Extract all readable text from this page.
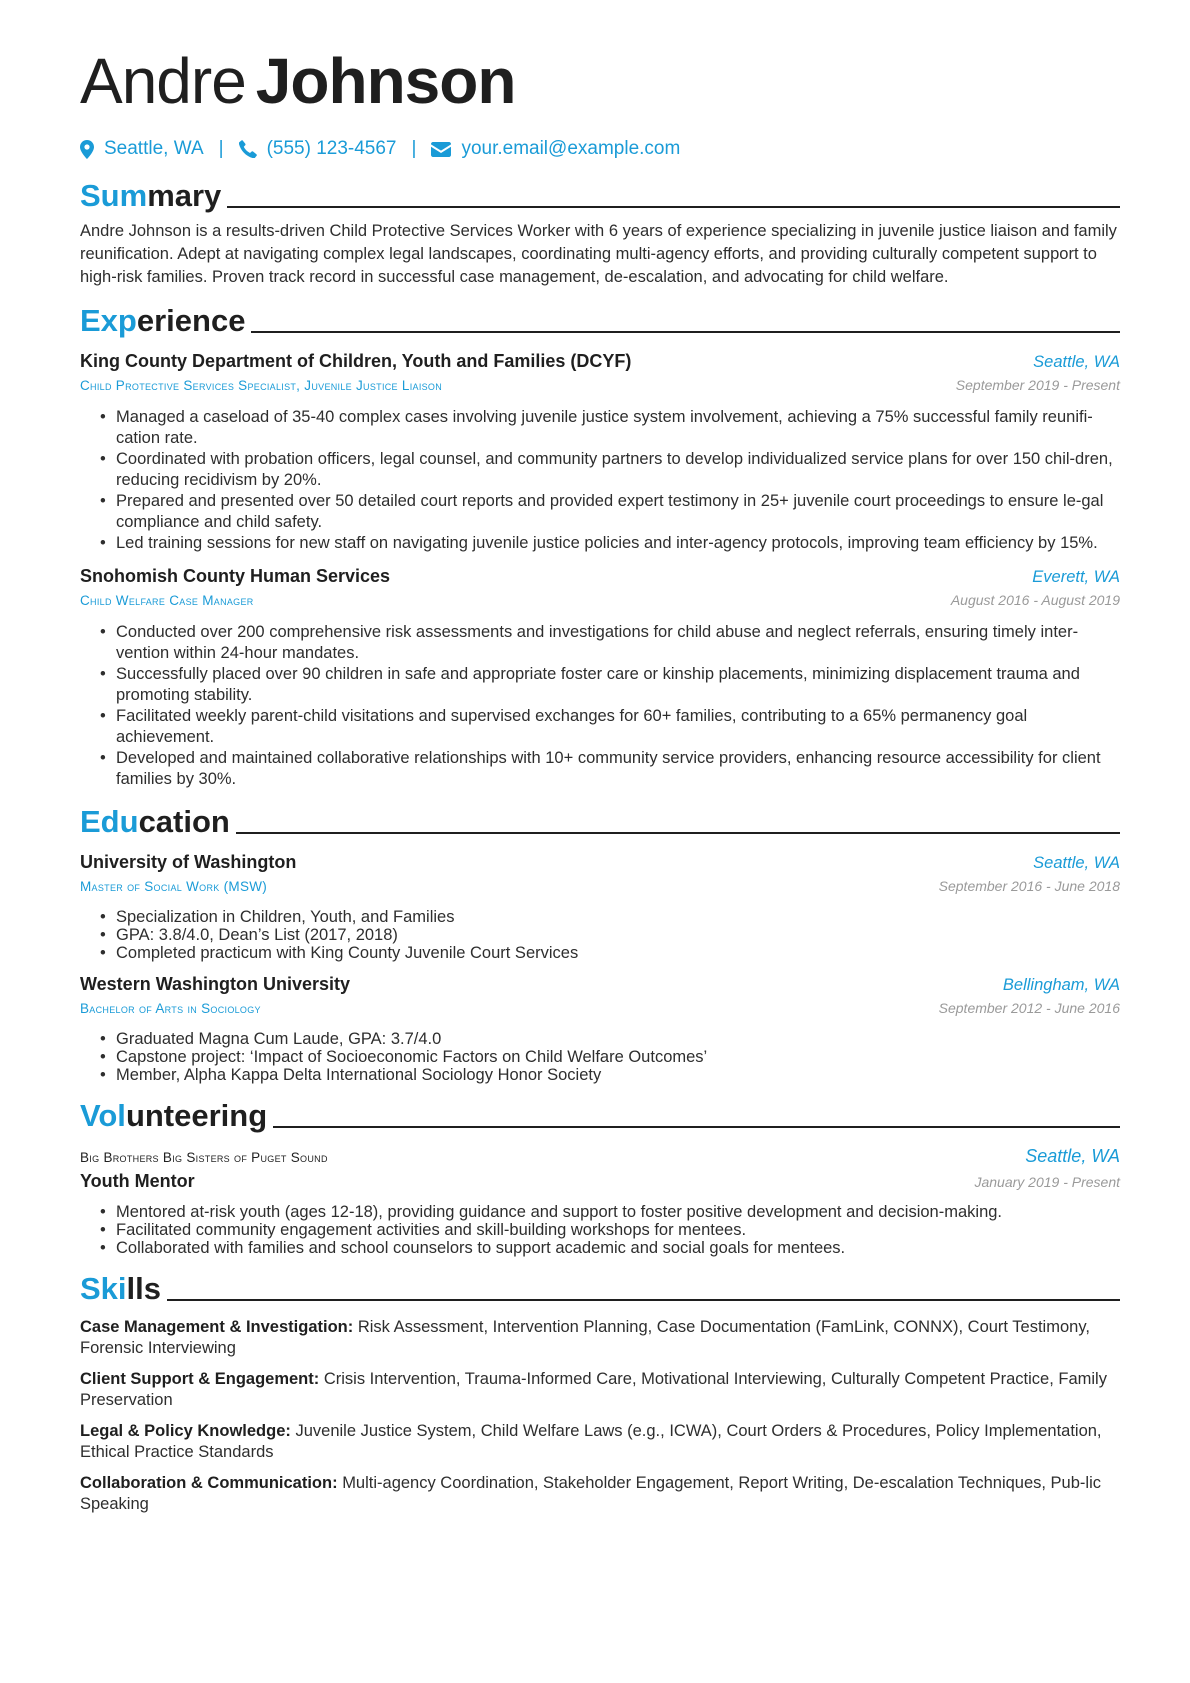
Andre Johnson
Seattle, WA | (555) 123-4567 | your.email@example.com
Summary
Andre Johnson is a results-driven Child Protective Services Worker with 6 years of experience specializing in juvenile justice liaison and family reunification. Adept at navigating complex legal landscapes, coordinating multi-agency efforts, and providing culturally competent support to high-risk families. Proven track record in successful case management, de-escalation, and advocating for child welfare.
Experience
King County Department of Children, Youth and Families (DCYF)	Seattle, WA
Child Protective Services Specialist, Juvenile Justice Liaison	September 2019 - Present
• Managed a caseload of 35-40 complex cases involving juvenile justice system involvement, achieving a 75% successful family reunifi-cation rate.
• Coordinated with probation officers, legal counsel, and community partners to develop individualized service plans for over 150 chil-dren, reducing recidivism by 20%.
• Prepared and presented over 50 detailed court reports and provided expert testimony in 25+ juvenile court proceedings to ensure le-gal compliance and child safety.
• Led training sessions for new staff on navigating juvenile justice policies and inter-agency protocols, improving team efficiency by 15%.
Snohomish County Human Services	Everett, WA
Child Welfare Case Manager	August 2016 - August 2019
• Conducted over 200 comprehensive risk assessments and investigations for child abuse and neglect referrals, ensuring timely inter-vention within 24-hour mandates.
• Successfully placed over 90 children in safe and appropriate foster care or kinship placements, minimizing displacement trauma and promoting stability.
• Facilitated weekly parent-child visitations and supervised exchanges for 60+ families, contributing to a 65% permanency goal achievement.
• Developed and maintained collaborative relationships with 10+ community service providers, enhancing resource accessibility for client families by 30%.
Education
University of Washington	Seattle, WA
Master of Social Work (MSW)	September 2016 - June 2018
• Specialization in Children, Youth, and Families
• GPA: 3.8/4.0, Dean’s List (2017, 2018)
• Completed practicum with King County Juvenile Court Services
Western Washington University	Bellingham, WA
Bachelor of Arts in Sociology	September 2012 - June 2016
• Graduated Magna Cum Laude, GPA: 3.7/4.0
• Capstone project: ‘Impact of Socioeconomic Factors on Child Welfare Outcomes’
• Member, Alpha Kappa Delta International Sociology Honor Society
Volunteering
Big Brothers Big Sisters of Puget Sound	Seattle, WA
Youth Mentor	January 2019 - Present
• Mentored at-risk youth (ages 12-18), providing guidance and support to foster positive development and decision-making.
• Facilitated community engagement activities and skill-building workshops for mentees.
• Collaborated with families and school counselors to support academic and social goals for mentees.
Skills
Case Management & Investigation: Risk Assessment, Intervention Planning, Case Documentation (FamLink, CONNX), Court Testimony, Forensic Interviewing
Client Support & Engagement: Crisis Intervention, Trauma-Informed Care, Motivational Interviewing, Culturally Competent Practice, Family Preservation
Legal & Policy Knowledge: Juvenile Justice System, Child Welfare Laws (e.g., ICWA), Court Orders & Procedures, Policy Implementation, Ethical Practice Standards
Collaboration & Communication: Multi-agency Coordination, Stakeholder Engagement, Report Writing, De-escalation Techniques, Pub-lic Speaking
